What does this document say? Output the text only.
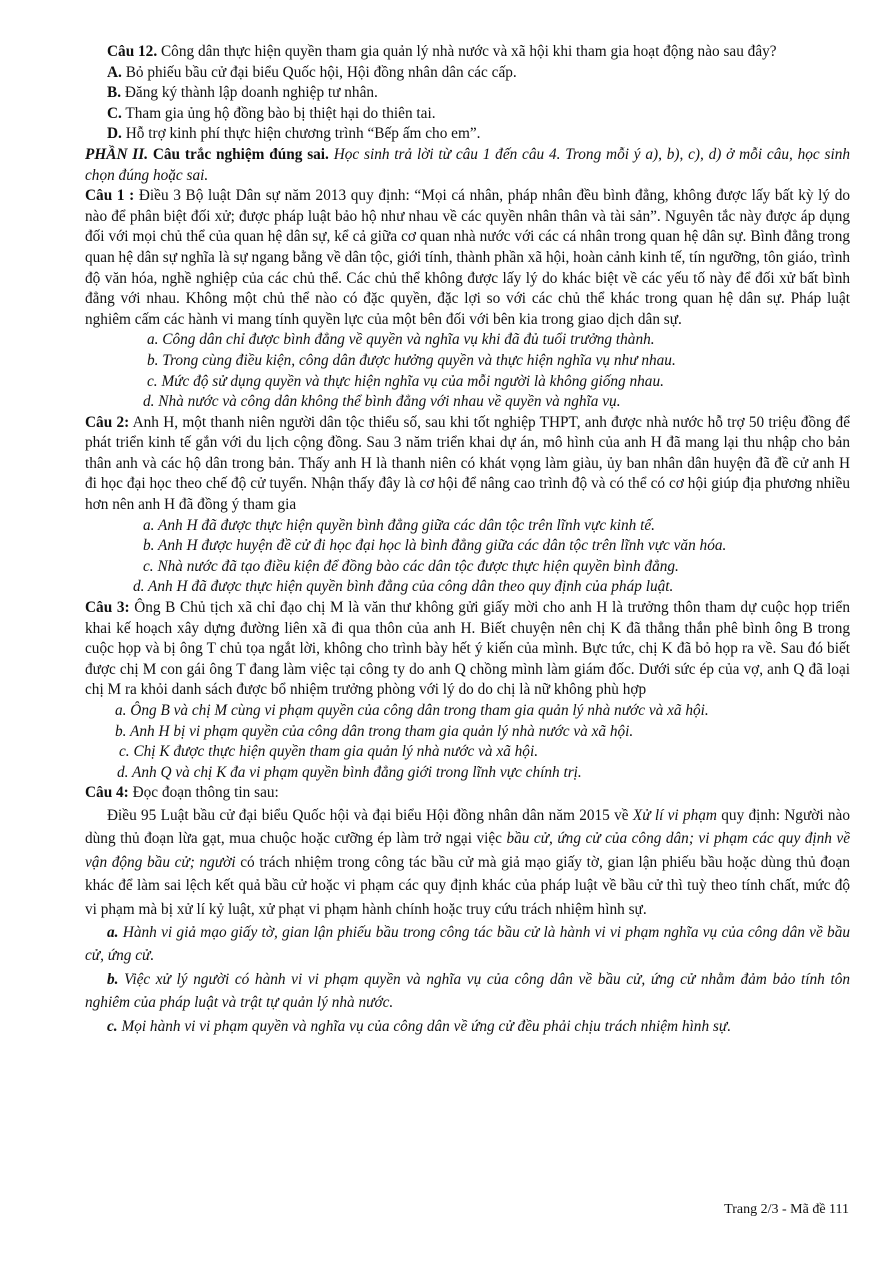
Câu 12. Công dân thực hiện quyền tham gia quản lý nhà nước và xã hội khi tham gia hoạt động nào sau đây?

A. Bỏ phiếu bầu cử đại biểu Quốc hội, Hội đồng nhân dân các cấp.

B. Đăng ký thành lập doanh nghiệp tư nhân.

C. Tham gia ủng hộ đồng bào bị thiệt hại do thiên tai.

D. Hỗ trợ kinh phí thực hiện chương trình “Bếp ấm cho em”.

PHẦN II. Câu trắc nghiệm đúng sai. Học sinh trả lời từ câu 1 đến câu 4. Trong mỗi ý a), b), c), d) ở mỗi câu, học sinh chọn đúng hoặc sai.

Câu 1 : Điều 3 Bộ luật Dân sự năm 2013 quy định: “Mọi cá nhân, pháp nhân đều bình đẳng, không được lấy bất kỳ lý do nào để phân biệt đối xử; được pháp luật bảo hộ như nhau về các quyền nhân thân và tài sản”. Nguyên tắc này được áp dụng đối với mọi chủ thể của quan hệ dân sự, kể cả giữa cơ quan nhà nước với các cá nhân trong quan hệ dân sự. Bình đẳng trong quan hệ dân sự nghĩa là sự ngang bằng về dân tộc, giới tính, thành phần xã hội, hoàn cảnh kinh tế, tín ngưỡng, tôn giáo, trình độ văn hóa, nghề nghiệp của các chủ thể. Các chủ thể không được lấy lý do khác biệt về các yếu tố này để đối xử bất bình đẳng với nhau. Không một chủ thể nào có đặc quyền, đặc lợi so với các chủ thể khác trong quan hệ dân sự. Pháp luật nghiêm cấm các hành vi mang tính quyền lực của một bên đối với bên kia trong giao dịch dân sự.

a. Công dân chỉ được bình đẳng về quyền và nghĩa vụ khi đã đủ tuổi trưởng thành.

b. Trong cùng điều kiện, công dân được hưởng quyền và thực hiện nghĩa vụ như nhau.

c. Mức độ sử dụng quyền và thực hiện nghĩa vụ của mỗi người là không giống nhau.

d. Nhà nước và công dân không thể bình đẳng với nhau về quyền và nghĩa vụ.

Câu 2: Anh H, một thanh niên người dân tộc thiểu số, sau khi tốt nghiệp THPT, anh được nhà nước hỗ trợ 50 triệu đồng để phát triển kinh tế gắn với du lịch cộng đồng. Sau 3 năm triển khai dự án, mô hình của anh H đã mang lại thu nhập cho bản thân anh và các hộ dân trong bản. Thấy anh H là thanh niên có khát vọng làm giàu, ủy ban nhân dân huyện đã đề cử anh H đi học đại học theo chế độ cử tuyển. Nhận thấy đây là cơ hội để nâng cao trình độ và có thể có cơ hội giúp địa phương nhiều hơn nên anh H đã đồng ý tham gia

a. Anh H đã được thực hiện quyền bình đẳng giữa các dân tộc trên lĩnh vực kinh tế.

b. Anh H được huyện đề cử đi học đại học là bình đẳng giữa các dân tộc trên lĩnh vực văn hóa.

c. Nhà nước đã tạo điều kiện để đồng bào các dân tộc được thực hiện quyền bình đẳng.

d. Anh H đã được thực hiện quyền bình đẳng của công dân theo quy định của pháp luật.

Câu 3: Ông B Chủ tịch xã chỉ đạo chị M là văn thư không gửi giấy mời cho anh H là trưởng thôn tham dự cuộc họp triển khai kế hoạch xây dựng đường liên xã đi qua thôn của anh H. Biết chuyện nên chị K đã thẳng thắn phê bình ông B trong cuộc họp và bị ông T chủ tọa ngắt lời, không cho trình bày hết ý kiến của mình. Bực tức, chị K đã bỏ họp ra về. Sau đó biết được chị M con gái ông T đang làm việc tại công ty do anh Q chồng mình làm giám đốc. Dưới sức ép của vợ, anh Q đã loại chị M ra khỏi danh sách được bổ nhiệm trưởng phòng với lý do do chị là nữ không phù hợp

a. Ông B và chị M cùng vi phạm quyền của công dân trong tham gia quản lý nhà nước và xã hội.

b. Anh H bị vi phạm quyền của công dân trong tham gia quản lý nhà nước và xã hội.

c. Chị K được thực hiện quyền tham gia quản lý nhà nước và xã hội.

d. Anh Q và chị K đa vi phạm quyền bình đẳng giới trong lĩnh vực chính trị.

Câu 4: Đọc đoạn thông tin sau:

Điều 95 Luật bầu cử đại biểu Quốc hội và đại biểu Hội đồng nhân dân năm 2015 về Xử lí vi phạm quy định: Người nào dùng thủ đoạn lừa gạt, mua chuộc hoặc cưỡng ép làm trở ngại việc bầu cử, ứng cử của công dân; vi phạm các quy định về vận động bầu cử; người có trách nhiệm trong công tác bầu cử mà giả mạo giấy tờ, gian lận phiếu bầu hoặc dùng thủ đoạn khác để làm sai lệch kết quả bầu cử hoặc vi phạm các quy định khác của pháp luật về bầu cử thì tuỳ theo tính chất, mức độ vi phạm mà bị xử lí kỷ luật, xử phạt vi phạm hành chính hoặc truy cứu trách nhiệm hình sự.

a. Hành vi giả mạo giấy tờ, gian lận phiếu bầu trong công tác bầu cử là hành vi vi phạm nghĩa vụ của công dân về bầu cử, ứng cử.

b. Việc xử lý người có hành vi vi phạm quyền và nghĩa vụ của công dân về bầu cử, ứng cử nhằm đảm bảo tính tôn nghiêm của pháp luật và trật tự quản lý nhà nước.

c. Mọi hành vi vi phạm quyền và nghĩa vụ của công dân về ứng cử đều phải chịu trách nhiệm hình sự.

Trang 2/3 - Mã đề 111
